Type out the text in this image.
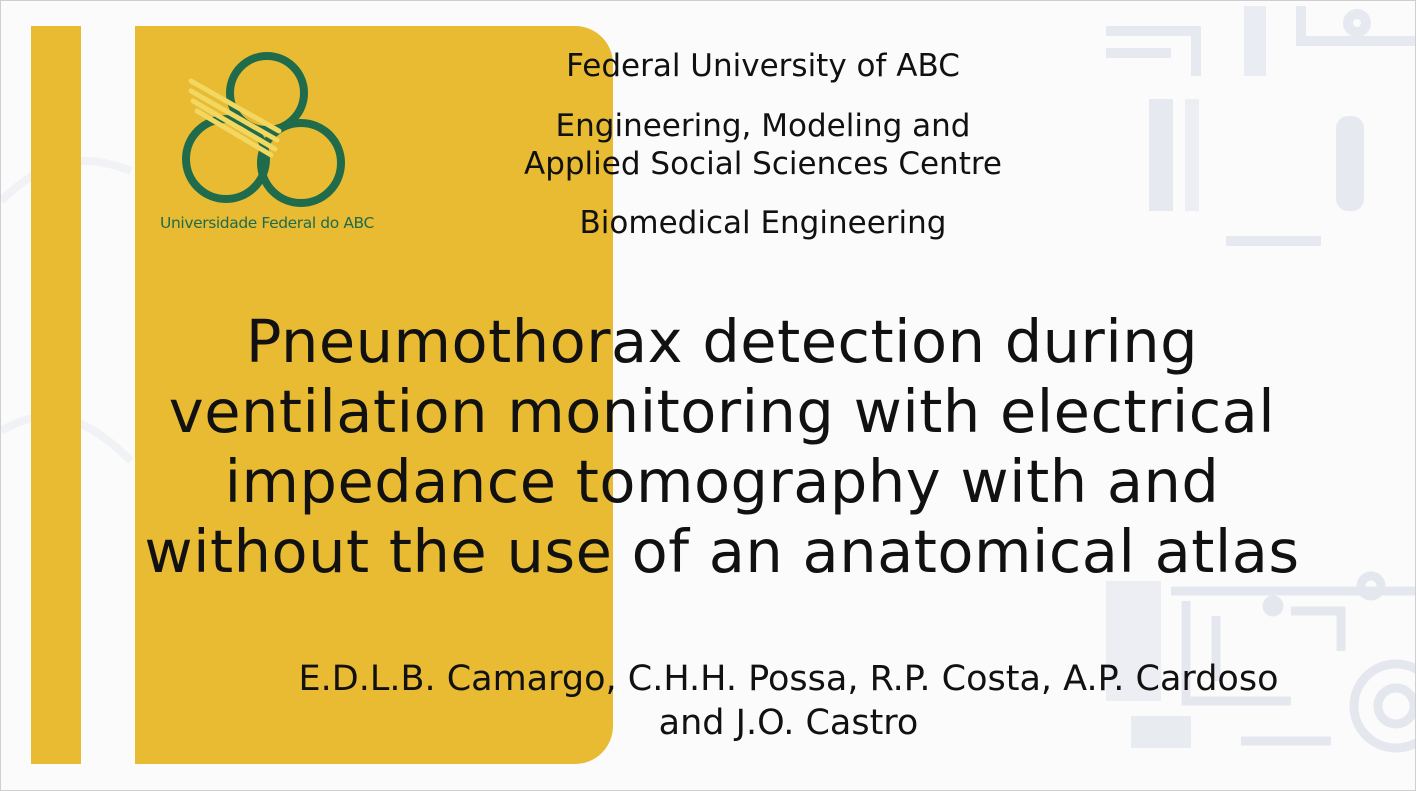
Universidade Federal do ABC
Federal University of ABC
Engineering, Modeling and
Applied Social Sciences Centre
Biomedical Engineering
Pneumothorax detection during
ventilation monitoring with electrical
impedance tomography with and
without the use of an anatomical atlas
E.D.L.B. Camargo, C.H.H. Possa, R.P. Costa, A.P. Cardoso
and J.O. Castro
